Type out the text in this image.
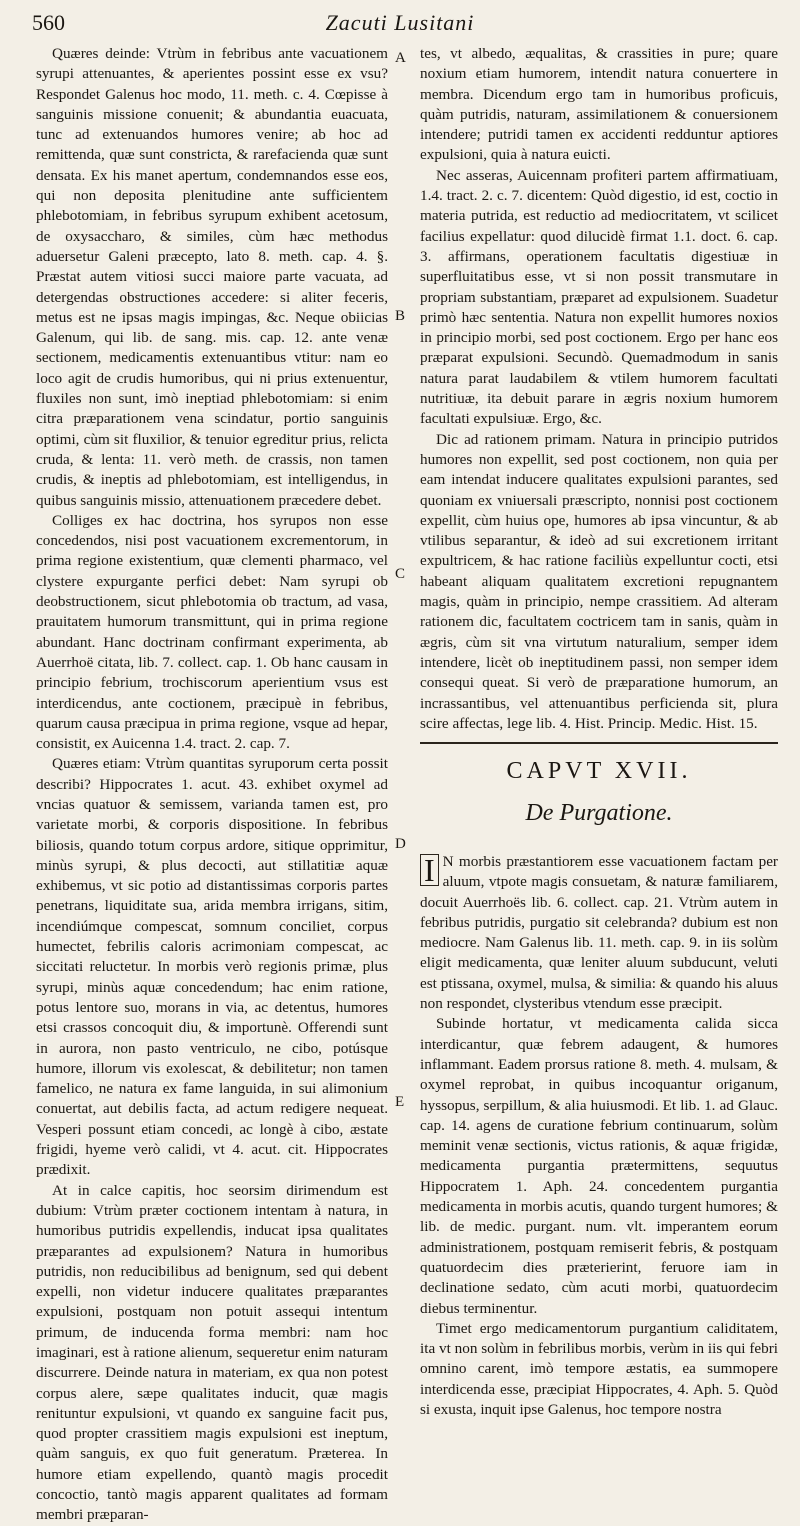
560	Zacuti Lusitani

Quæres deinde: Vtrùm in febribus ante vacuationem syrupi attenuantes, & aperientes possint esse ex vsu? Respondet Galenus hoc modo, 11. meth. c. 4. Cœpisse à sanguinis missione conuenit; & abundantia euacuata, tunc ad extenuandos humores venire; ab hoc ad remittenda, quæ sunt constricta, & rarefacienda quæ sunt densata. Ex his manet apertum, condemnandos esse eos, qui non deposita plenitudine ante sufficientem phlebotomiam, in febribus syrupum exhibent acetosum, de oxysaccharo, & similes, cùm hæc methodus aduersetur Galeni præcepto, lato 8. meth. cap. 4. §. Præstat autem vitiosi succi maiore parte vacuata, ad detergendas obstructiones accedere: si aliter feceris, metus est ne ipsas magis impingas, &c. Neque obiicias Galenum, qui lib. de sang. mis. cap. 12. ante venæ sectionem, medicamentis extenuantibus vtitur: nam eo loco agit de crudis humoribus, qui ni prius extenuentur, fluxiles non sunt, imò ineptiad phlebotomiam: si enim citra præparationem vena scindatur, portio sanguinis optimi, cùm sit fluxilior, & tenuior egreditur prius, relicta cruda, & lenta: 11. verò meth. de crassis, non tamen crudis, & ineptis ad phlebotomiam, est intelligendus, in quibus sanguinis missio, attenuationem præcedere debet.

Colliges ex hac doctrina, hos syrupos non esse concedendos, nisi post vacuationem excrementorum, in prima regione existentium, quæ clementi pharmaco, vel clystere expurgante perfici debet: Nam syrupi ob deobstructionem, sicut phlebotomia ob tractum, ad vasa, prauitatem humorum transmittunt, qui in prima regione abundant. Hanc doctrinam confirmant experimenta, ab Auerrhoë citata, lib. 7. collect. cap. 1. Ob hanc causam in principio febrium, trochiscorum aperientium vsus est interdicendus, ante coctionem, præcipuè in febribus, quarum causa præcipua in prima regione, vsque ad hepar, consistit, ex Auicenna 1.4. tract. 2. cap. 7.

Quæres etiam: Vtrùm quantitas syruporum certa possit describi? Hippocrates 1. acut. 43. exhibet oxymel ad vncias quatuor & semissem, varianda tamen est, pro varietate morbi, & corporis dispositione. In febribus biliosis, quando totum corpus ardore, sitique opprimitur, minùs syrupi, & plus decocti, aut stillatitiæ aquæ exhibemus, vt sic potio ad distantissimas corporis partes penetrans, liquiditate sua, arida membra irrigans, sitim, incendiúmque compescat, somnum conciliet, corpus humectet, febrilis caloris acrimoniam compescat, ac siccitati reluctetur. In morbis verò regionis primæ, plus syrupi, minùs aquæ concedendum; hac enim ratione, potus lentore suo, morans in via, ac detentus, humores etsi crassos concoquit diu, & importunè. Offerendi sunt in aurora, non pasto ventriculo, ne cibo, potúsque humore, illorum vis exolescat, & debilitetur; non tamen famelico, ne natura ex fame languida, in sui alimonium conuertat, aut debilis facta, ad actum redigere nequeat. Vesperi possunt etiam concedi, ac longè à cibo, æstate frigidi, hyeme verò calidi, vt 4. acut. cit. Hippocrates prædixit.

At in calce capitis, hoc seorsim dirimendum est dubium: Vtrùm præter coctionem intentam à natura, in humoribus putridis expellendis, inducat ipsa qualitates præparantes ad expulsionem? Natura in humoribus putridis, non reducibilibus ad benignum, sed qui debent expelli, non videtur inducere qualitates præparantes expulsioni, postquam non potuit assequi intentum primum, de inducenda forma membri: nam hoc imaginari, est à ratione alienum, sequeretur enim naturam discurrere. Deinde natura in materiam, ex qua non potest corpus alere, sæpe qualitates inducit, quæ magis renituntur expulsioni, vt quando ex sanguine facit pus, quod propter crassitiem magis expulsioni est ineptum, quàm sanguis, ex quo fuit generatum. Præterea. In humore etiam expellendo, quantò magis procedit concoctio, tantò magis apparent qualitates ad formam membri præparan-

A
B
C
D
E

tes, vt albedo, æqualitas, & crassities in pure; quare noxium etiam humorem, intendit natura conuertere in membra. Dicendum ergo tam in humoribus proficuis, quàm putridis, naturam, assimilationem & conuersionem intendere; putridi tamen ex accidenti redduntur aptiores expulsioni, quia à natura euicti.

Nec asseras, Auicennam profiteri partem affirmatiuam, 1.4. tract. 2. c. 7. dicentem: Quòd digestio, id est, coctio in materia putrida, est reductio ad mediocritatem, vt scilicet facilius expellatur: quod dilucidè firmat 1.1. doct. 6. cap. 3. affirmans, operationem facultatis digestiuæ in superfluitatibus esse, vt si non possit transmutare in propriam substantiam, præparet ad expulsionem. Suadetur primò hæc sententia. Natura non expellit humores noxios in principio morbi, sed post coctionem. Ergo per hanc eos præparat expulsioni. Secundò. Quemadmodum in sanis natura parat laudabilem & vtilem humorem facultati nutritiuæ, ita debuit parare in ægris noxium humorem facultati expulsiuæ. Ergo, &c.

Dic ad rationem primam. Natura in principio putridos humores non expellit, sed post coctionem, non quia per eam intendat inducere qualitates expulsioni parantes, sed quoniam ex vniuersali præscripto, nonnisi post coctionem expellit, cùm huius ope, humores ab ipsa vincuntur, & ab vtilibus separantur, & ideò ad sui excretionem irritant expultricem, & hac ratione faciliùs expelluntur cocti, etsi habeant aliquam qualitatem excretioni repugnantem magis, quàm in principio, nempe crassitiem. Ad alteram rationem dic, facultatem coctricem tam in sanis, quàm in ægris, cùm sit vna virtutum naturalium, semper idem intendere, licèt ob ineptitudinem passi, non semper idem consequi queat. Si verò de præparatione humorum, an incrassantibus, vel attenuantibus perficienda sit, plura scire affectas, lege lib. 4. Hist. Princip. Medic. Hist. 15.

CAPVT XVII.
De Purgatione.

I N morbis præstantiorem esse vacuationem factam per aluum, vtpote magis consuetam, & naturæ familiarem, docuit Auerrhoës lib. 6. collect. cap. 21. Vtrùm autem in febribus putridis, purgatio sit celebranda? dubium est non mediocre. Nam Galenus lib. 11. meth. cap. 9. in iis solùm eligit medicamenta, quæ leniter aluum subducunt, veluti est ptissana, oxymel, mulsa, & similia: & quando his aluus non respondet, clysteribus vtendum esse præcipit.

Subinde hortatur, vt medicamenta calida sicca interdicantur, quæ febrem adaugent, & humores inflammant. Eadem prorsus ratione 8. meth. 4. mulsam, & oxymel reprobat, in quibus incoquantur origanum, hyssopus, serpillum, & alia huiusmodi. Et lib. 1. ad Glauc. cap. 14. agens de curatione febrium continuarum, solùm meminit venæ sectionis, victus rationis, & aquæ frigidæ, medicamenta purgantia prætermittens, sequutus Hippocratem 1. Aph. 24. concedentem purgantia medicamenta in morbis acutis, quando turgent humores; & lib. de medic. purgant. num. vlt. imperantem eorum administrationem, postquam remiserit febris, & postquam quatuordecim dies præterierint, feruore iam in declinatione sedato, cùm acuti morbi, quatuordecim diebus terminentur.

Timet ergo medicamentorum purgantium caliditatem, ita vt non solùm in febrilibus morbis, verùm in iis qui febri omnino carent, imò tempore æstatis, ea summopere interdicenda esse, præcipiat Hippocrates, 4. Aph. 5. Quòd si exusta, inquit ipse Galenus, hoc tempore nostra
